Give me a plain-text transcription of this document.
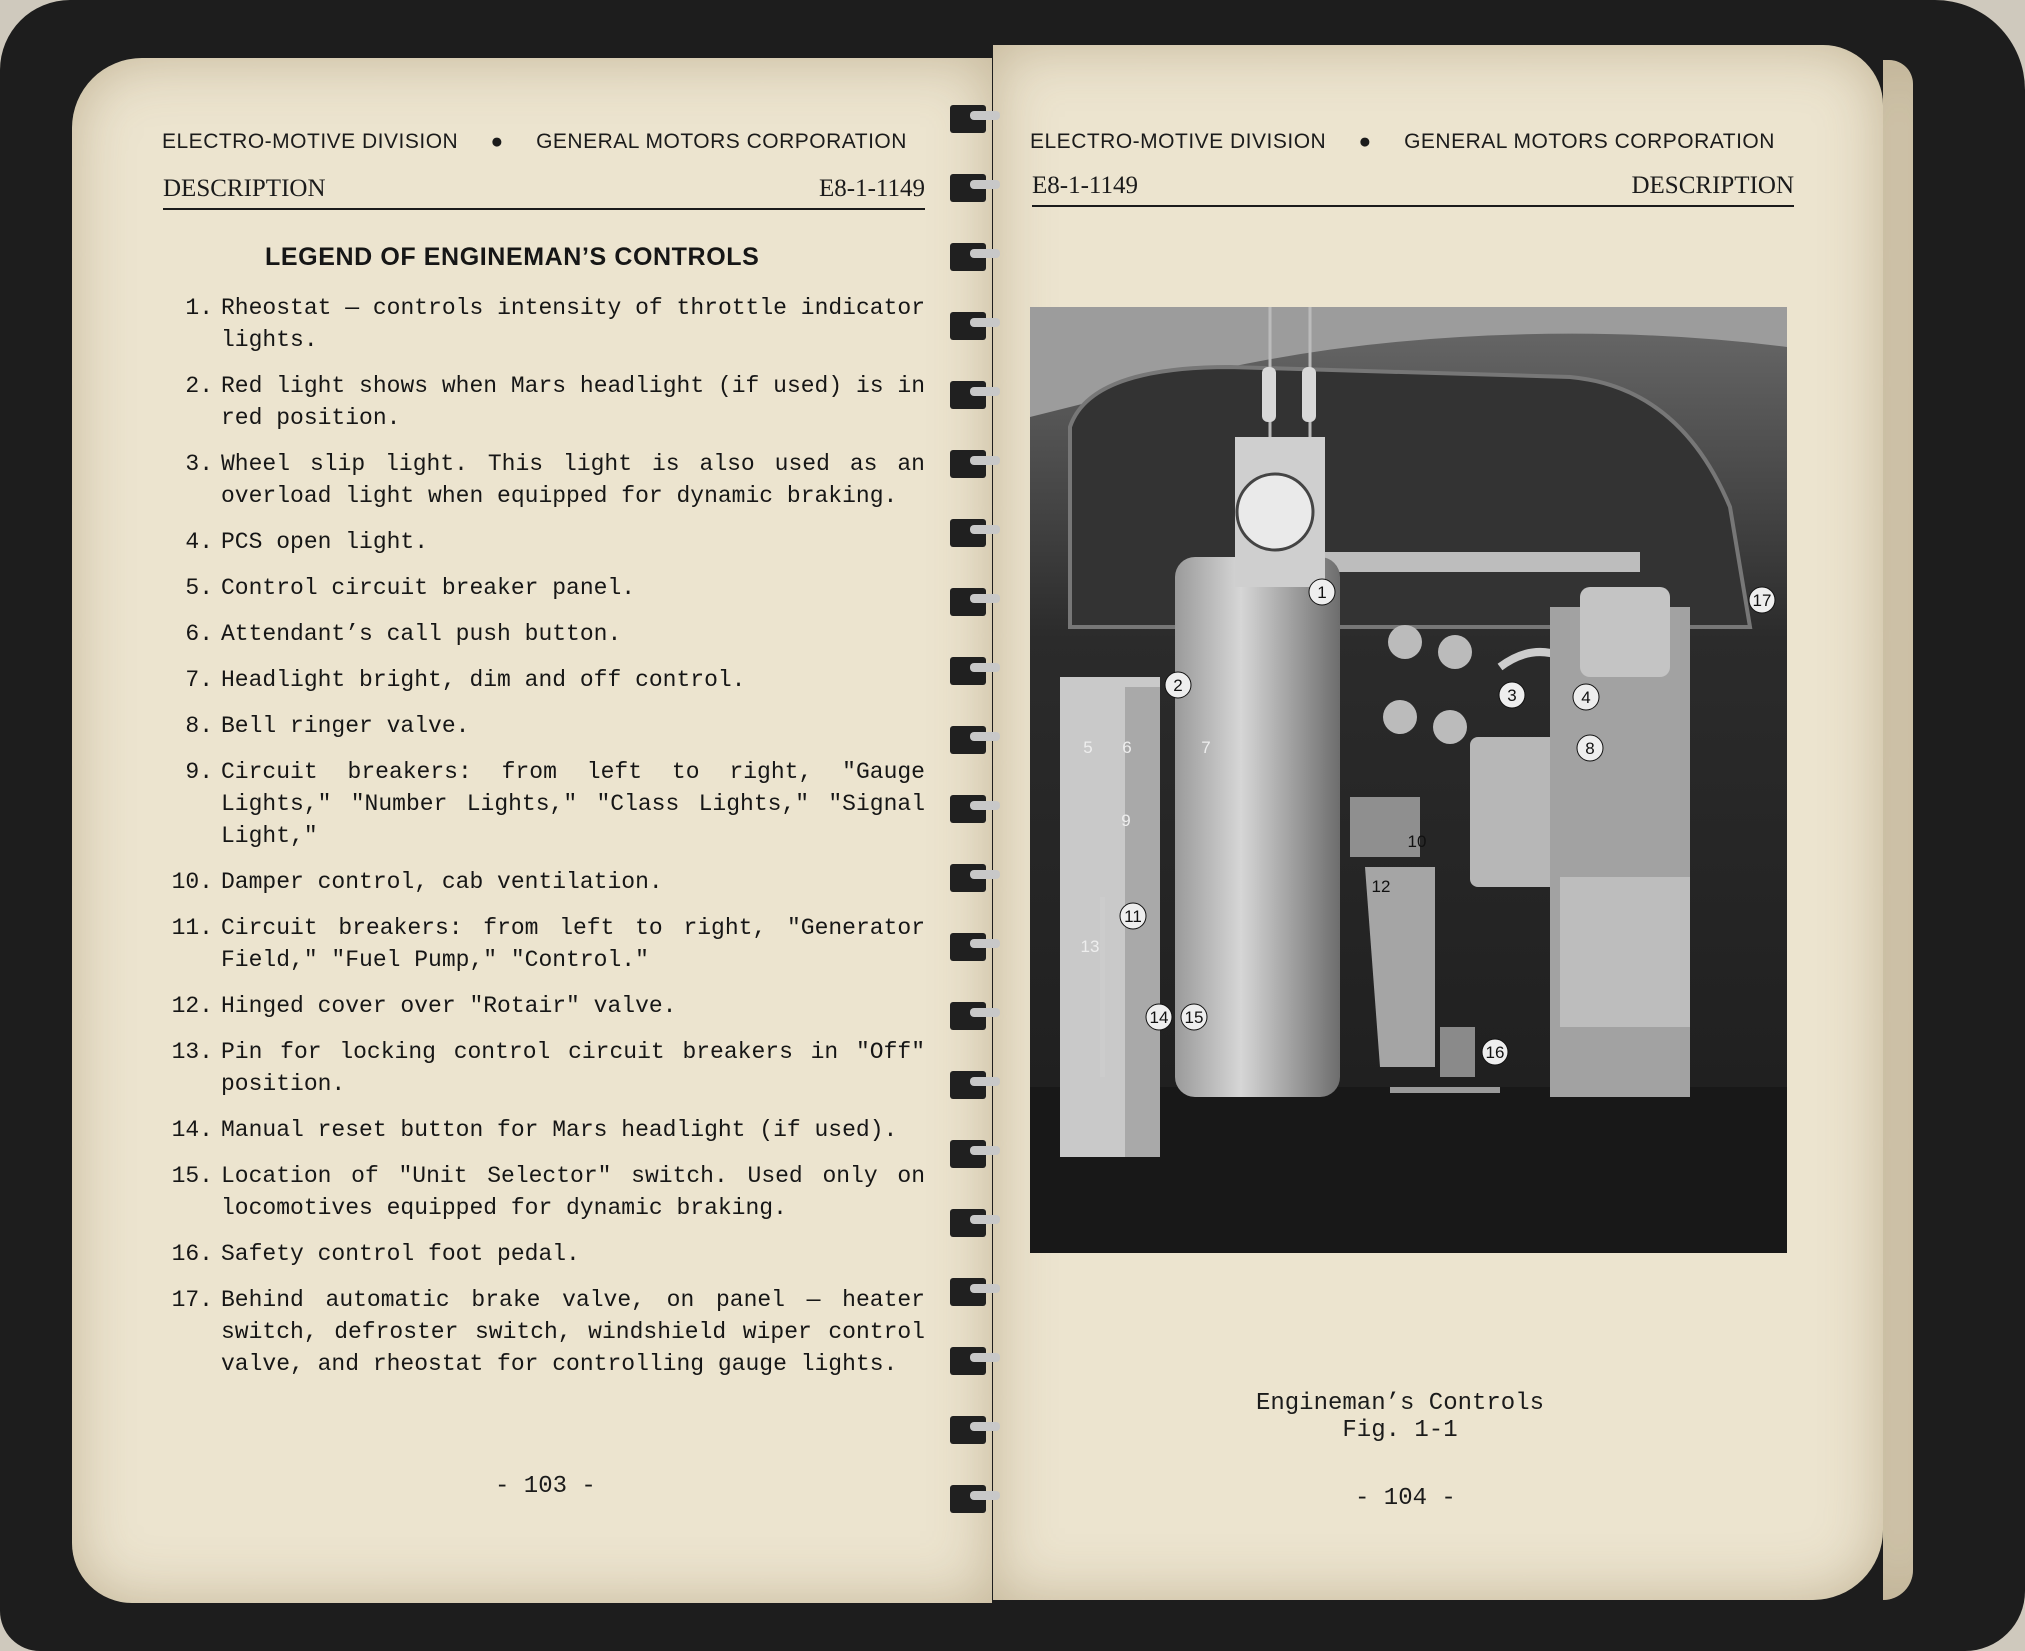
ELECTRO-MOTIVE DIVISION ● GENERAL MOTORS CORPORATION
DESCRIPTION	E8-1-1149
LEGEND OF ENGINEMAN’S CONTROLS
1. Rheostat — controls intensity of throttle indicator lights.
2. Red light shows when Mars headlight (if used) is in red position.
3. Wheel slip light. This light is also used as an overload light when equipped for dynamic braking.
4. PCS open light.
5. Control circuit breaker panel.
6. Attendant’s call push button.
7. Headlight bright, dim and off control.
8. Bell ringer valve.
9. Circuit breakers: from left to right, "Gauge Lights," "Number Lights," "Class Lights," "Signal Light,"
10. Damper control, cab ventilation.
11. Circuit breakers: from left to right, "Generator Field," "Fuel Pump," "Control."
12. Hinged cover over "Rotair" valve.
13. Pin for locking control circuit breakers in "Off" position.
14. Manual reset button for Mars headlight (if used).
15. Location of "Unit Selector" switch. Used only on locomotives equipped for dynamic braking.
16. Safety control foot pedal.
17. Behind automatic brake valve, on panel — heater switch, defroster switch, windshield wiper control valve, and rheostat for controlling gauge lights.
- 103 -
ELECTRO-MOTIVE DIVISION ● GENERAL MOTORS CORPORATION
E8-1-1149	DESCRIPTION
1
2
3	4
5 6	7	8
9
10
11
12
13
14 15
16
17
Engineman’s Controls
Fig. 1-1
- 104 -
